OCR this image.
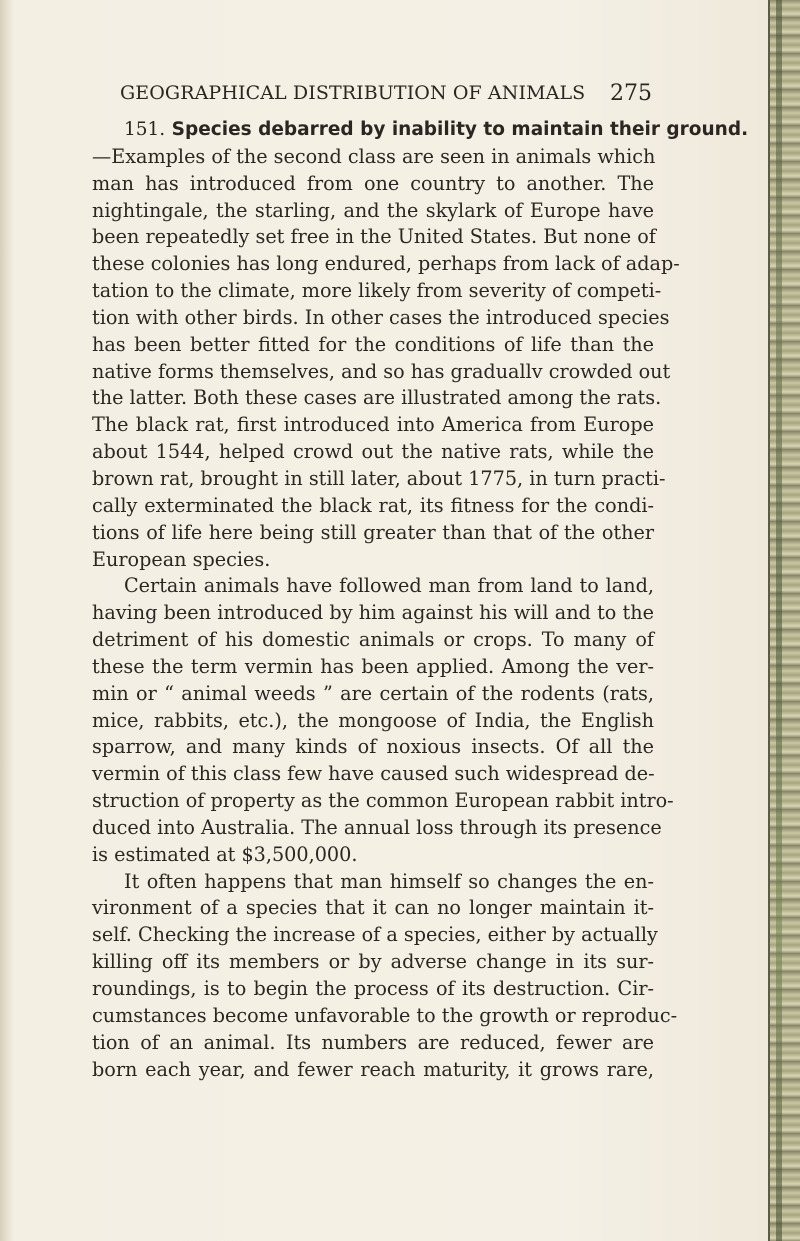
GEOGRAPHICAL DISTRIBUTION OF ANIMALS 275
151. Species debarred by inability to maintain their ground.
—Examples of the second class are seen in animals which
man has introduced from one country to another. The
nightingale, the starling, and the skylark of Europe have
been repeatedly set free in the United States. But none of
these colonies has long endured, perhaps from lack of adap-
tation to the climate, more likely from severity of competi-
tion with other birds. In other cases the introduced species
has been better fitted for the conditions of life than the
native forms themselves, and so has graduallv crowded out
the latter. Both these cases are illustrated among the rats.
The black rat, first introduced into America from Europe
about 1544, helped crowd out the native rats, while the
brown rat, brought in still later, about 1775, in turn practi-
cally exterminated the black rat, its fitness for the condi-
tions of life here being still greater than that of the other
European species.
Certain animals have followed man from land to land,
having been introduced by him against his will and to the
detriment of his domestic animals or crops. To many of
these the term vermin has been applied. Among the ver-
min or “ animal weeds ” are certain of the rodents (rats,
mice, rabbits, etc.), the mongoose of India, the English
sparrow, and many kinds of noxious insects. Of all the
vermin of this class few have caused such widespread de-
struction of property as the common European rabbit intro-
duced into Australia. The annual loss through its presence
is estimated at $3,500,000.
It often happens that man himself so changes the en-
vironment of a species that it can no longer maintain it-
self. Checking the increase of a species, either by actually
killing off its members or by adverse change in its sur-
roundings, is to begin the process of its destruction. Cir-
cumstances become unfavorable to the growth or reproduc-
tion of an animal. Its numbers are reduced, fewer are
born each year, and fewer reach maturity, it grows rare,
